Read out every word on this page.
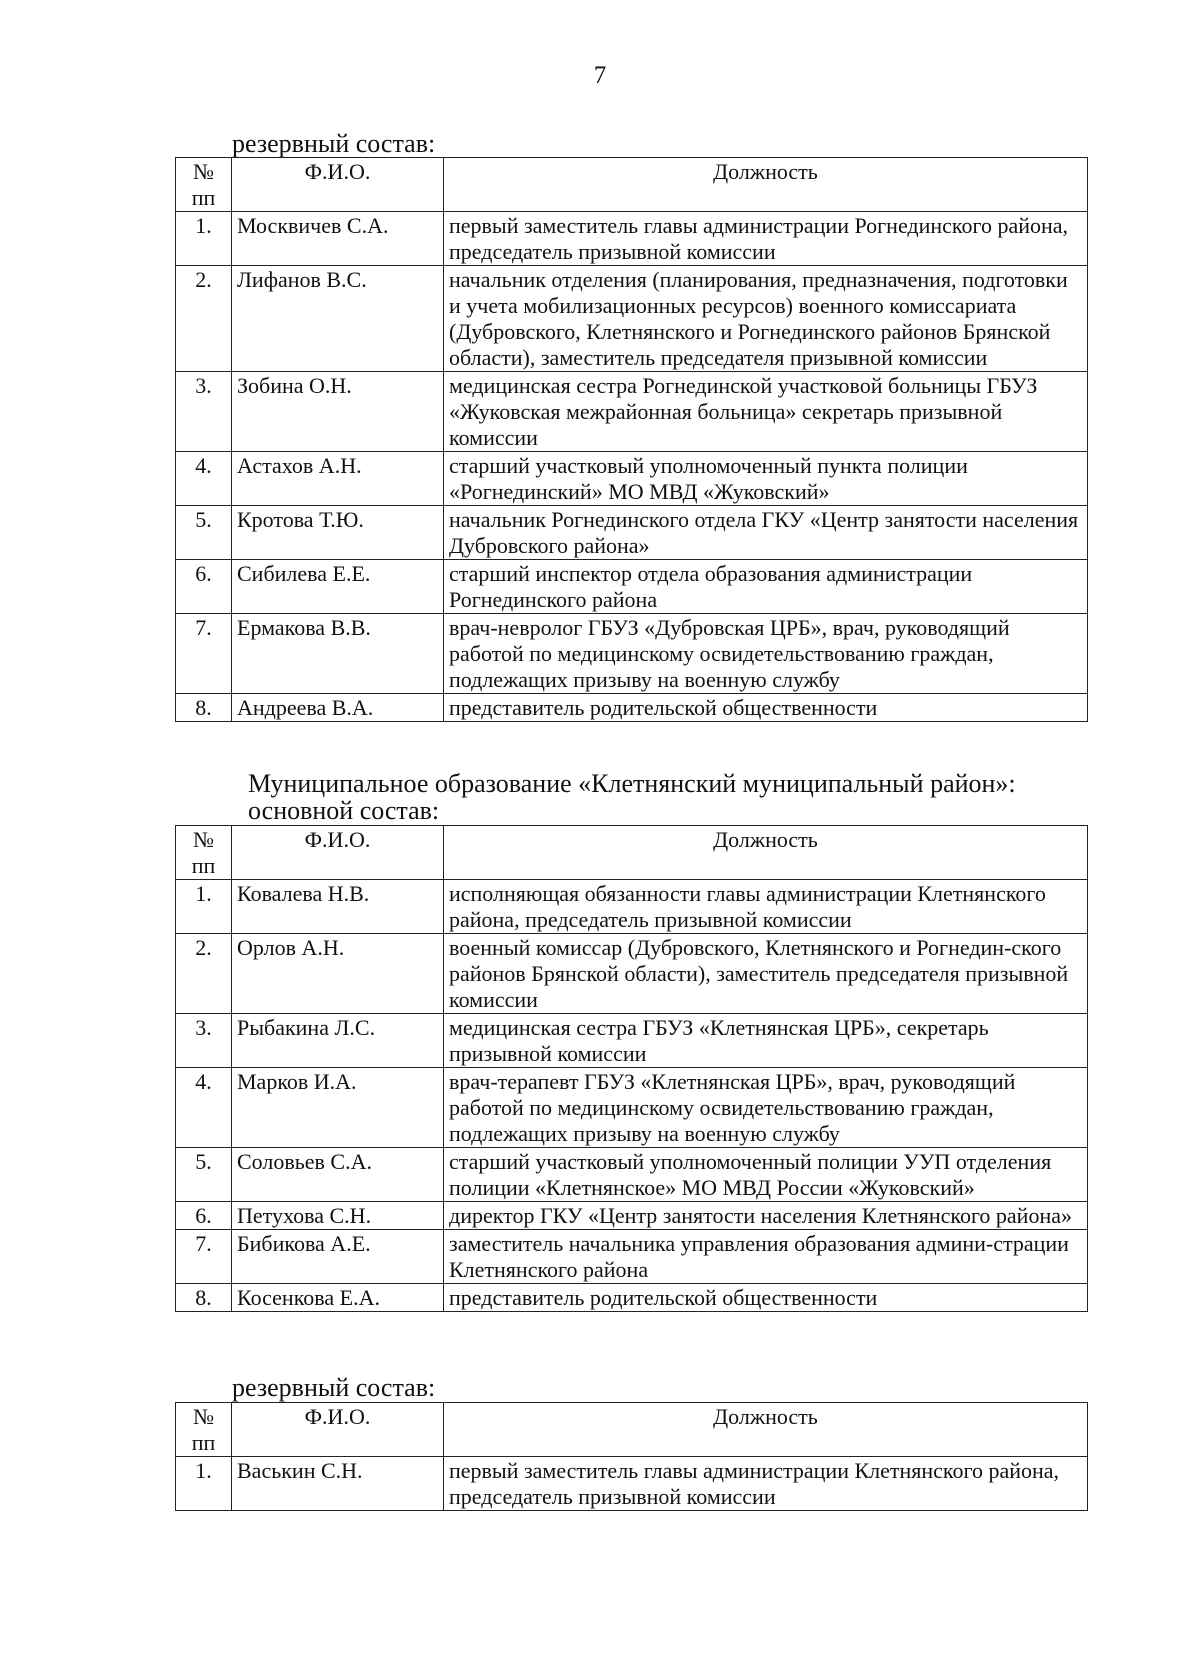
7
резервный состав:
№
пп	Ф.И.О.	Должность
1.	Москвичев С.А.	первый заместитель главы администрации Рогнединского района, председатель призывной комиссии
2.	Лифанов В.С.	начальник отделения (планирования, предназначения, подготовки и учета мобилизационных ресурсов) военного комиссариата (Дубровского, Клетнянского и Рогнединского районов Брянской области), заместитель председателя призывной комиссии
3.	Зобина О.Н.	медицинская сестра Рогнединской участковой больницы ГБУЗ «Жуковская межрайонная больница» секретарь призывной комиссии
4.	Астахов А.Н.	старший участковый уполномоченный пункта полиции «Рогнединский» МО МВД «Жуковский»
5.	Кротова Т.Ю.	начальник Рогнединского отдела ГКУ «Центр занятости населения Дубровского района»
6.	Сибилева Е.Е.	старший инспектор отдела образования администрации Рогнединского района
7.	Ермакова В.В.	врач-невролог ГБУЗ «Дубровская ЦРБ», врач, руководящий работой по медицинскому освидетельствованию граждан, подлежащих призыву на военную службу
8.	Андреева В.А.	представитель родительской общественности
Муниципальное образование «Клетнянский муниципальный район»:
основной состав:
№
пп	Ф.И.О.	Должность
1.	Ковалева Н.В.	исполняющая обязанности главы администрации Клетнянского района, председатель призывной комиссии
2.	Орлов А.Н.	военный комиссар (Дубровского, Клетнянского и Рогнедин-ского районов Брянской области), заместитель председателя призывной комиссии
3.	Рыбакина Л.С.	медицинская сестра ГБУЗ «Клетнянская ЦРБ», секретарь призывной комиссии
4.	Марков И.А.	врач-терапевт ГБУЗ «Клетнянская ЦРБ», врач, руководящий работой по медицинскому освидетельствованию граждан, подлежащих призыву на военную службу
5.	Соловьев С.А.	старший участковый уполномоченный полиции УУП отделения полиции «Клетнянское» МО МВД России «Жуковский»
6.	Петухова С.Н.	директор ГКУ «Центр занятости населения Клетнянского района»
7.	Бибикова А.Е.	заместитель начальника управления образования админи-страции Клетнянского района
8.	Косенкова Е.А.	представитель родительской общественности
резервный состав:
№
пп	Ф.И.О.	Должность
1.	Васькин С.Н.	первый заместитель главы администрации Клетнянского района, председатель призывной комиссии
